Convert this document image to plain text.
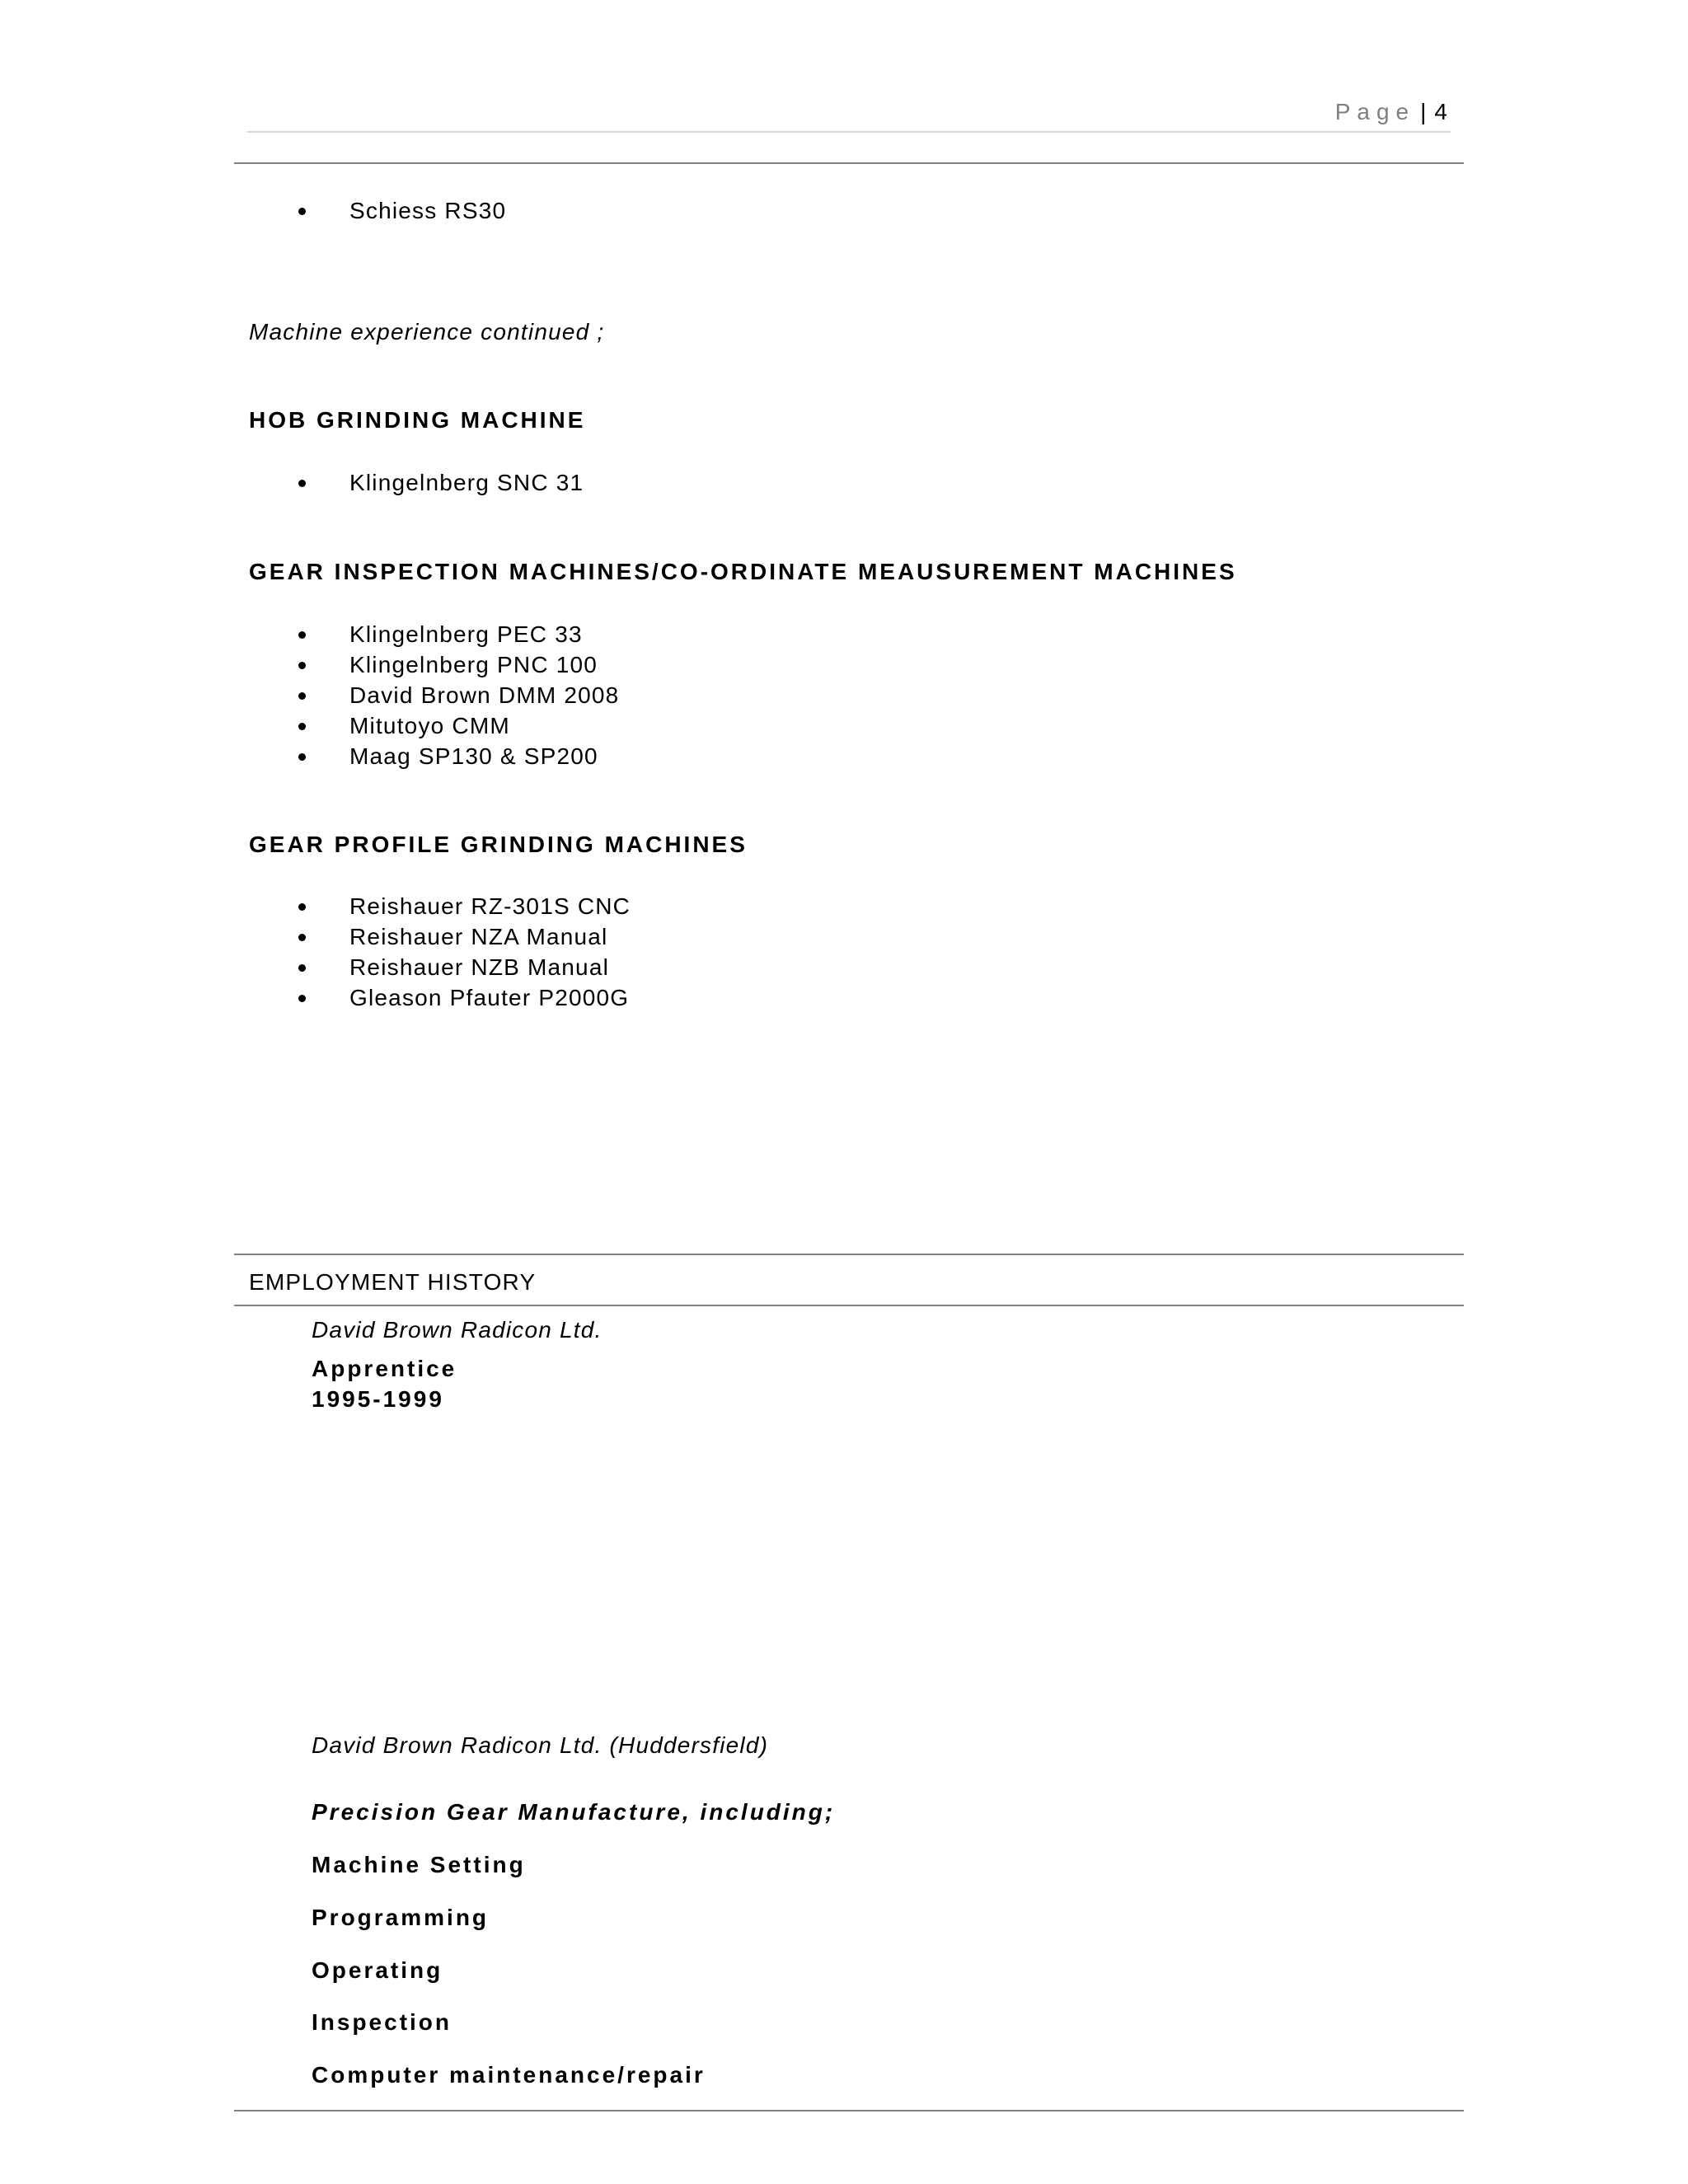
Page | 4
Schiess RS30
Machine experience continued ;
HOB GRINDING MACHINE
Klingelnberg SNC 31
GEAR INSPECTION MACHINES/CO-ORDINATE MEAUSUREMENT MACHINES
Klingelnberg PEC 33
Klingelnberg PNC 100
David Brown DMM 2008
Mitutoyo CMM
Maag SP130 & SP200
GEAR PROFILE GRINDING MACHINES
Reishauer RZ-301S CNC
Reishauer NZA Manual
Reishauer NZB Manual
Gleason Pfauter P2000G
EMPLOYMENT HISTORY
David Brown Radicon Ltd.
Apprentice
1995-1999
David Brown Radicon Ltd. (Huddersfield)
Precision Gear Manufacture, including;
Machine Setting
Programming
Operating
Inspection
Computer maintenance/repair
